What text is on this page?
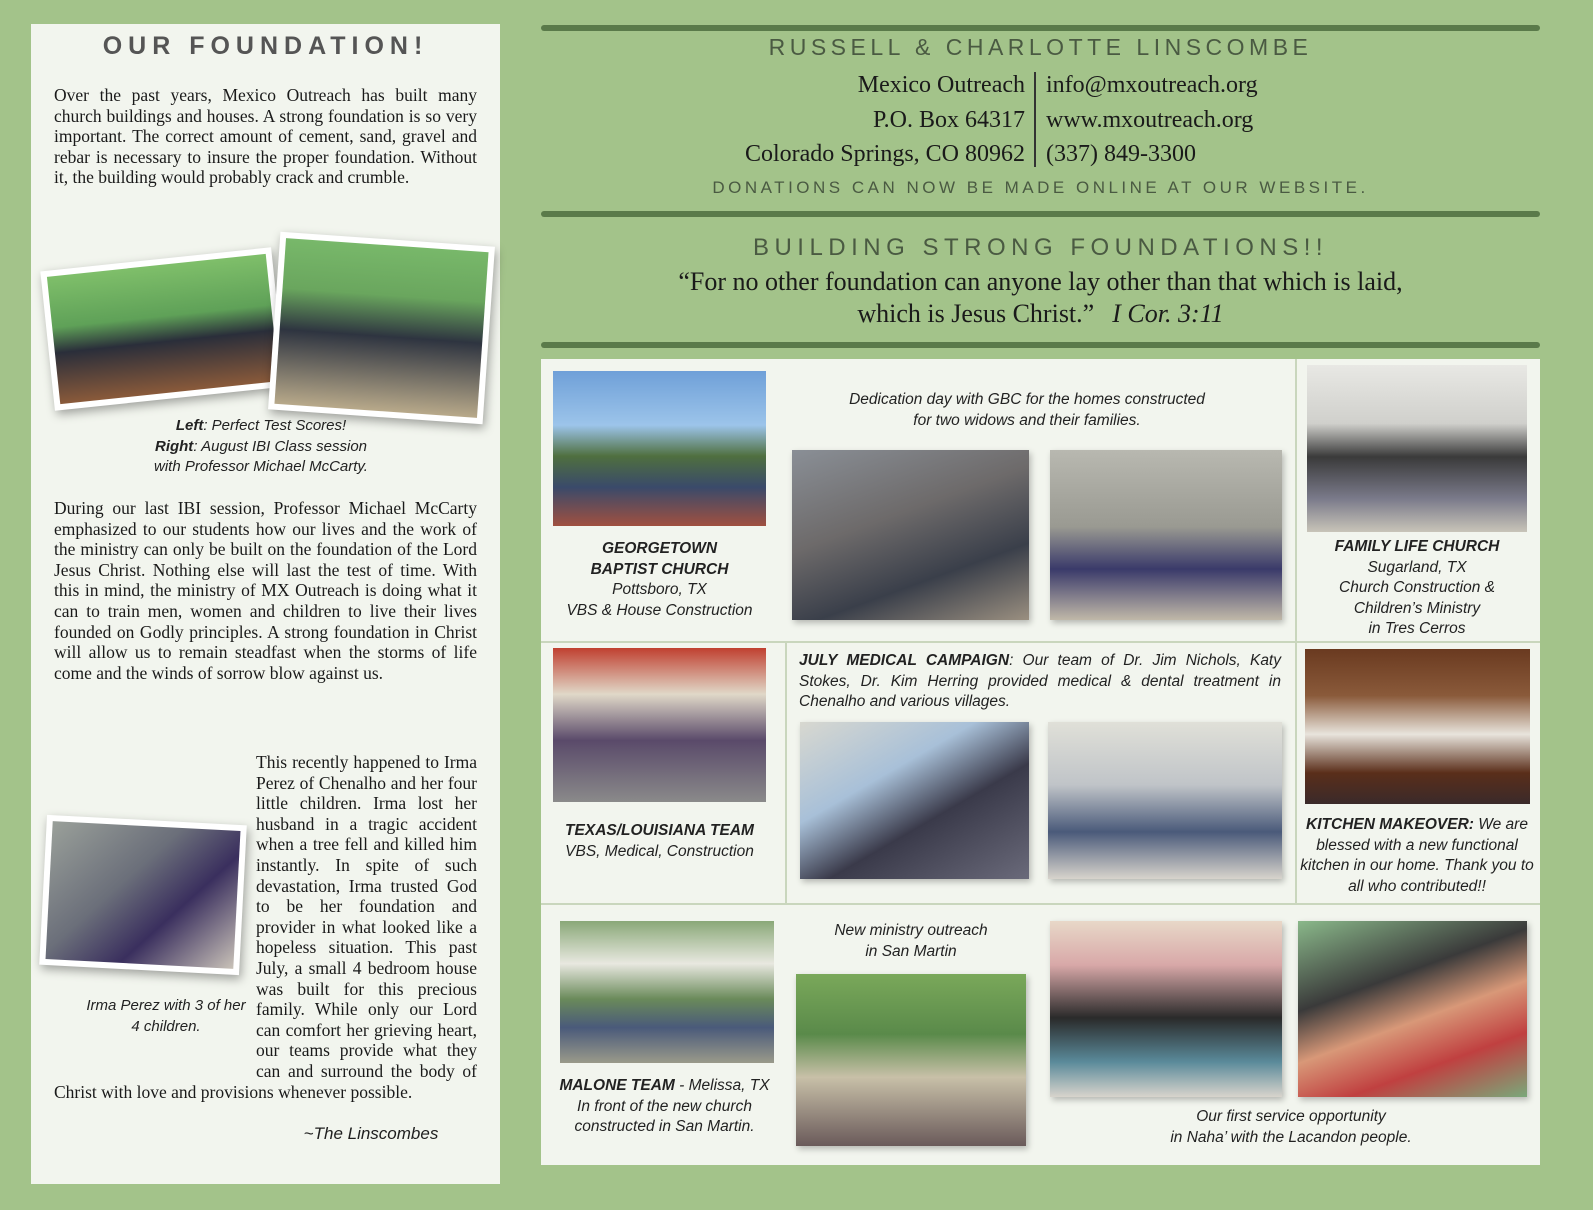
OUR FOUNDATION!

Over the past years, Mexico Outreach has built many church buildings and houses. A strong foundation is so very important. The correct amount of cement, sand, gravel and rebar is necessary to insure the proper foundation. Without it, the building would probably crack and crumble.

Left: Perfect Test Scores!
Right: August IBI Class session
with Professor Michael McCarty.

During our last IBI session, Professor Michael McCarty emphasized to our students how our lives and the work of the ministry can only be built on the foundation of the Lord Jesus Christ. Nothing else will last the test of time. With this in mind, the ministry of MX Outreach is doing what it can to train men, women and children to live their lives founded on Godly principles. A strong foundation in Christ will allow us to remain steadfast when the storms of life come and the winds of sorrow blow against us.

This recently happened to Irma Perez of Chenalho and her four little children. Irma lost her husband in a tragic accident when a tree fell and killed him instantly. In spite of such devastation, Irma trusted God to be her foundation and provider in what looked like a hopeless situation. This past July, a small 4 bedroom house was built for this precious family. While only our Lord can comfort her grieving heart, our teams provide what they can and surround the body of Christ with love and provisions whenever possible.
Irma Perez with 3 of her 4 children.
~The Linscombes
RUSSELL & CHARLOTTE LINSCOMBE
Mexico Outreach
P.O. Box 64317
Colorado Springs, CO 80962
info@mxoutreach.org
www.mxoutreach.org
(337) 849-3300
DONATIONS CAN NOW BE MADE ONLINE AT OUR WEBSITE.
BUILDING STRONG FOUNDATIONS!!
“For no other foundation can anyone lay other than that which is laid,
which is Jesus Christ.” I Cor. 3:11
GEORGETOWN
BAPTIST CHURCH
Pottsboro, TX
VBS & House Construction
Dedication day with GBC for the homes constructed for two widows and their families.
FAMILY LIFE CHURCH
Sugarland, TX
Church Construction &
Children’s Ministry
in Tres Cerros
TEXAS/LOUISIANA TEAM
VBS, Medical, Construction
JULY MEDICAL CAMPAIGN: Our team of Dr. Jim Nichols, Katy Stokes, Dr. Kim Herring provided medical & dental treatment in Chenalho and various villages.
KITCHEN MAKEOVER: We are blessed with a new functional kitchen in our home. Thank you to all who contributed!!
MALONE TEAM - Melissa, TX
In front of the new church
constructed in San Martin.
New ministry outreach
in San Martin
Our first service opportunity
in Naha’ with the Lacandon people.
